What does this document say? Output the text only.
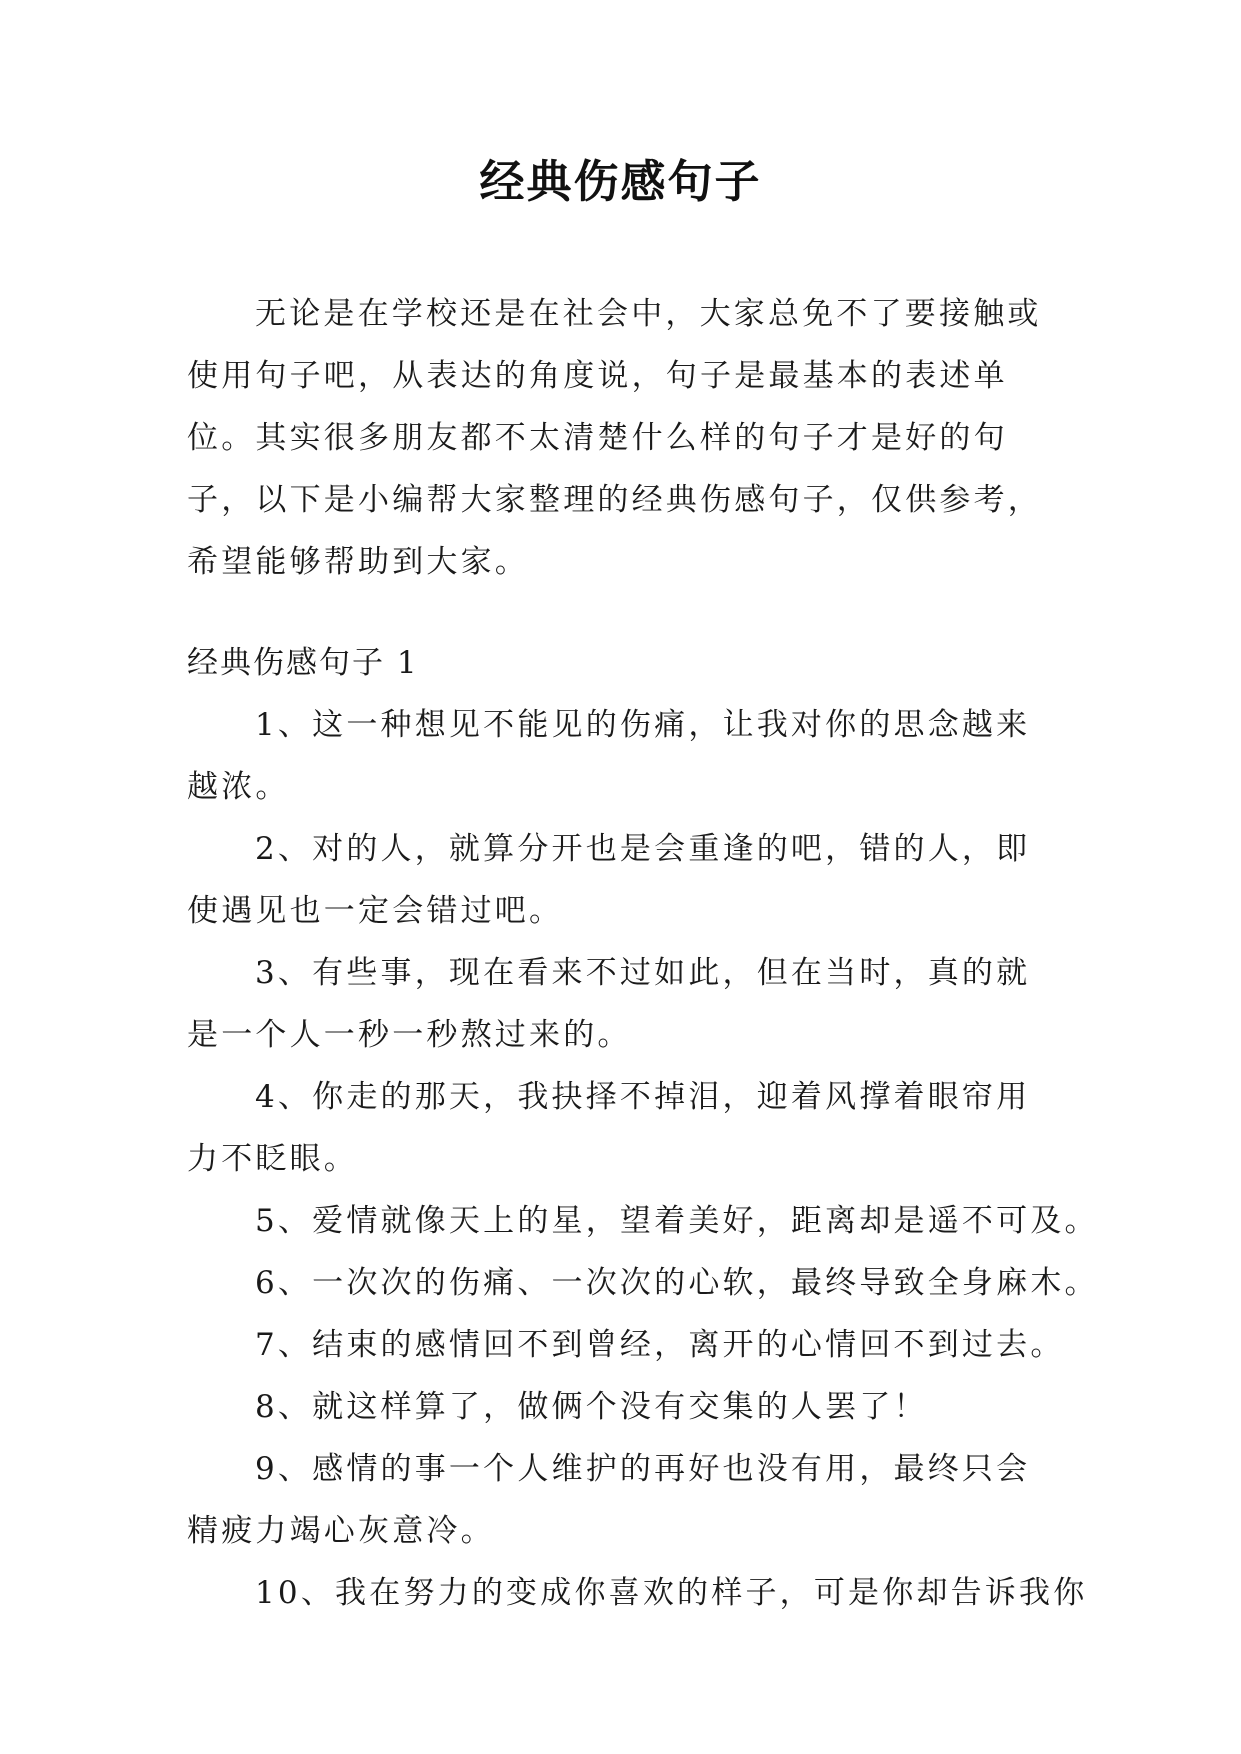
经典伤感句子

无论是在学校还是在社会中，大家总免不了要接触或使用句子吧，从表达的角度说，句子是最基本的表述单位。其实很多朋友都不太清楚什么样的句子才是好的句子，以下是小编帮大家整理的经典伤感句子，仅供参考，希望能够帮助到大家。

经典伤感句子 1

1、这一种想见不能见的伤痛，让我对你的思念越来越浓。

2、对的人，就算分开也是会重逢的吧，错的人，即使遇见也一定会错过吧。

3、有些事，现在看来不过如此，但在当时，真的就是一个人一秒一秒熬过来的。

4、你走的那天，我抉择不掉泪，迎着风撑着眼帘用力不眨眼。

5、爱情就像天上的星，望着美好，距离却是遥不可及。

6、一次次的伤痛、一次次的心软，最终导致全身麻木。

7、结束的感情回不到曾经，离开的心情回不到过去。

8、就这样算了，做俩个没有交集的人罢了！

9、感情的事一个人维护的再好也没有用，最终只会精疲力竭心灰意冷。

10、我在努力的变成你喜欢的样子，可是你却告诉我你
